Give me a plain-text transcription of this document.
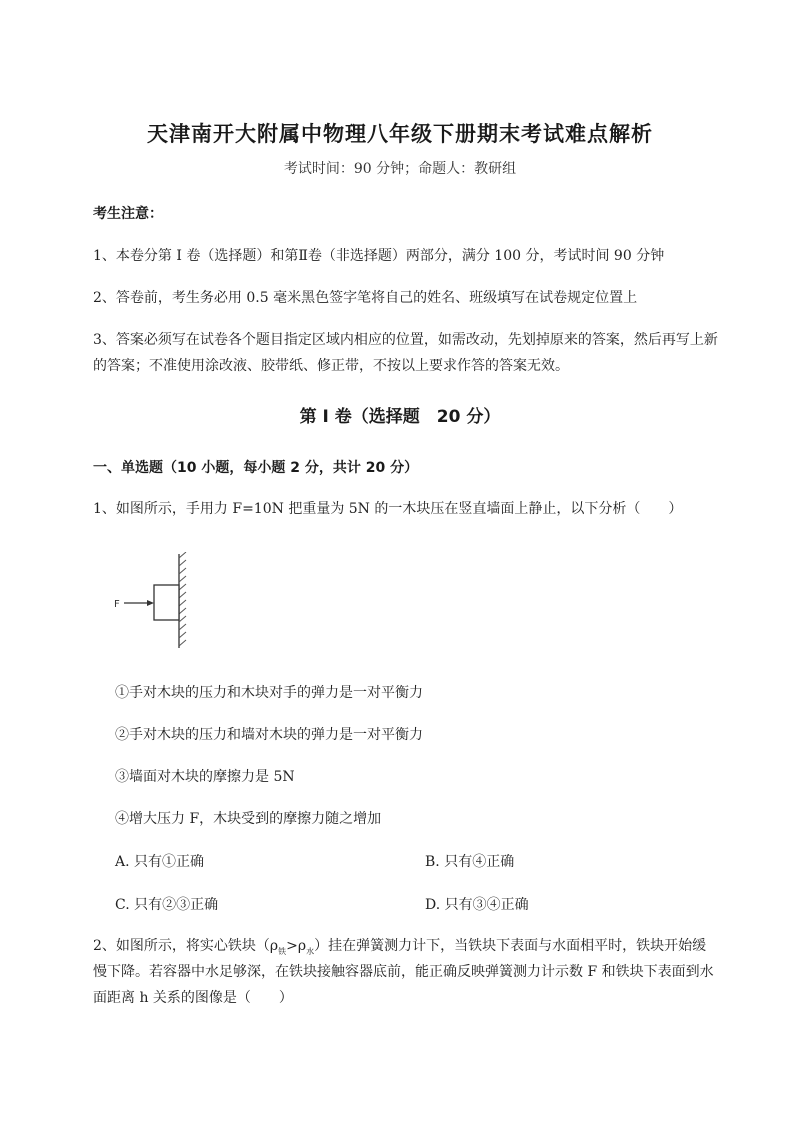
天津南开大附属中物理八年级下册期末考试难点解析
考试时间：90 分钟；命题人：教研组
考生注意：
1、本卷分第 I 卷（选择题）和第Ⅱ卷（非选择题）两部分，满分 100 分，考试时间 90 分钟
2、答卷前，考生务必用 0.5 毫米黑色签字笔将自己的姓名、班级填写在试卷规定位置上
3、答案必须写在试卷各个题目指定区域内相应的位置，如需改动，先划掉原来的答案，然后再写上新
的答案；不准使用涂改液、胶带纸、修正带，不按以上要求作答的答案无效。
第 I 卷（选择题　20 分）
一、单选题（10 小题，每小题 2 分，共计 20 分）
1、如图所示，手用力 F=10N 把重量为 5N 的一木块压在竖直墙面上静止，以下分析（　　）
F
①手对木块的压力和木块对手的弹力是一对平衡力
②手对木块的压力和墙对木块的弹力是一对平衡力
③墙面对木块的摩擦力是 5N
④增大压力 F，木块受到的摩擦力随之增加
A. 只有①正确	B. 只有④正确
C. 只有②③正确	D. 只有③④正确
2、如图所示，将实心铁块$(\rho_铁>\rho_水)$挂在弹簧测力计下，当铁块下表面与水面相平时，铁块开始缓
慢下降。若容器中水足够深，在铁块接触容器底前，能正确反映弹簧测力计示数 F 和铁块下表面到水
面距离 h 关系的图像是（　　）
